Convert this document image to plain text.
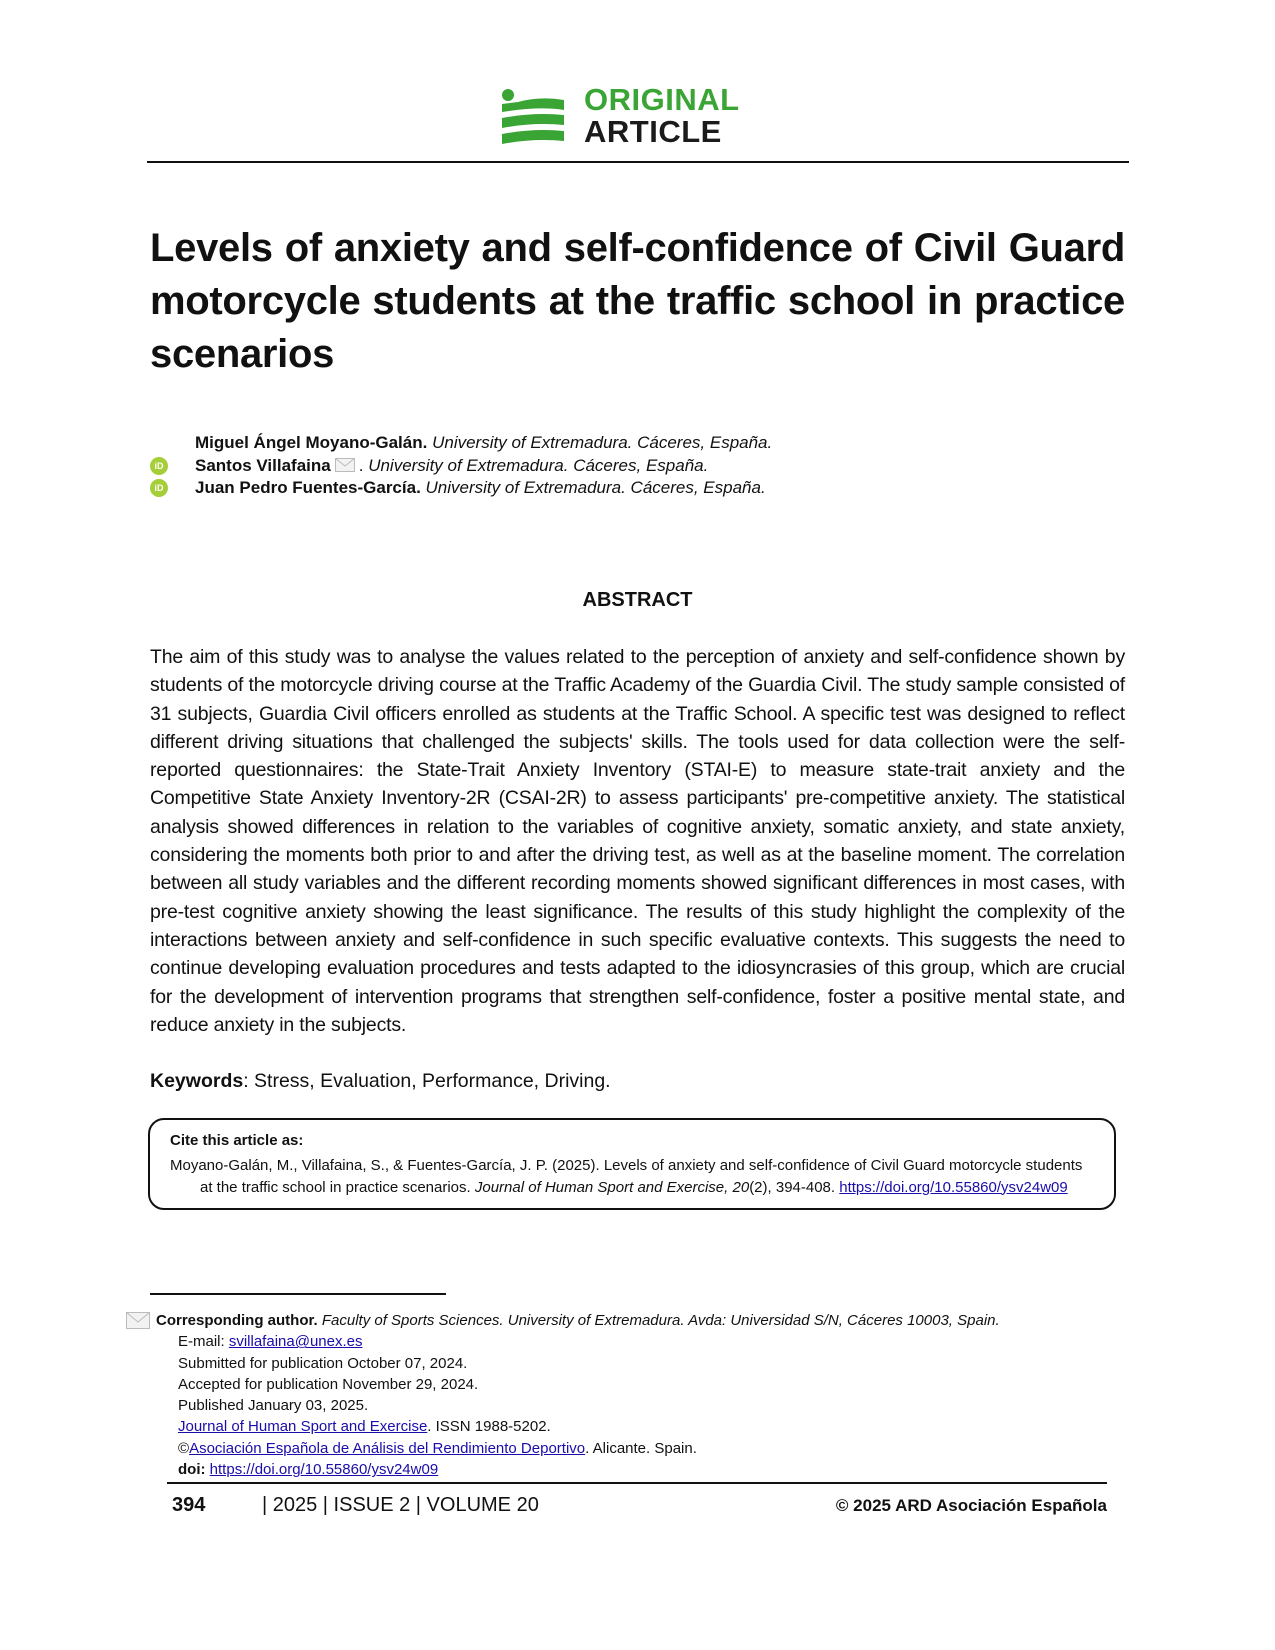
ORIGINAL
ARTICLE
Levels of anxiety and self-confidence of Civil Guard motorcycle students at the traffic school in practice scenarios
Miguel Ángel Moyano-Galán. University of Extremadura. Cáceres, España.
iD Santos Villafaina . University of Extremadura. Cáceres, España.
iD Juan Pedro Fuentes-García. University of Extremadura. Cáceres, España.
ABSTRACT

The aim of this study was to analyse the values related to the perception of anxiety and self-confidence shown by students of the motorcycle driving course at the Traffic Academy of the Guardia Civil. The study sample consisted of 31 subjects, Guardia Civil officers enrolled as students at the Traffic School. A specific test was designed to reflect different driving situations that challenged the subjects' skills. The tools used for data collection were the self-reported questionnaires: the State-Trait Anxiety Inventory (STAI-E) to measure state-trait anxiety and the Competitive State Anxiety Inventory-2R (CSAI-2R) to assess participants' pre-competitive anxiety. The statistical analysis showed differences in relation to the variables of cognitive anxiety, somatic anxiety, and state anxiety, considering the moments both prior to and after the driving test, as well as at the baseline moment. The correlation between all study variables and the different recording moments showed significant differences in most cases, with pre-test cognitive anxiety showing the least significance. The results of this study highlight the complexity of the interactions between anxiety and self-confidence in such specific evaluative contexts. This suggests the need to continue developing evaluation procedures and tests adapted to the idiosyncrasies of this group, which are crucial for the development of intervention programs that strengthen self-confidence, foster a positive mental state, and reduce anxiety in the subjects.

Keywords: Stress, Evaluation, Performance, Driving.
Cite this article as:
Moyano-Galán, M., Villafaina, S., & Fuentes-García, J. P. (2025). Levels of anxiety and self-confidence of Civil Guard motorcycle students
at the traffic school in practice scenarios. Journal of Human Sport and Exercise, 20(2), 394-408. https://doi.org/10.55860/ysv24w09
Corresponding author. Faculty of Sports Sciences. University of Extremadura. Avda: Universidad S/N, Cáceres 10003, Spain.
E-mail: svillafaina@unex.es
Submitted for publication October 07, 2024.
Accepted for publication November 29, 2024.
Published January 03, 2025.
Journal of Human Sport and Exercise. ISSN 1988-5202.
©Asociación Española de Análisis del Rendimiento Deportivo. Alicante. Spain.
doi: https://doi.org/10.55860/ysv24w09
394	| 2025 | ISSUE 2 | VOLUME 20	© 2025 ARD Asociación Española
